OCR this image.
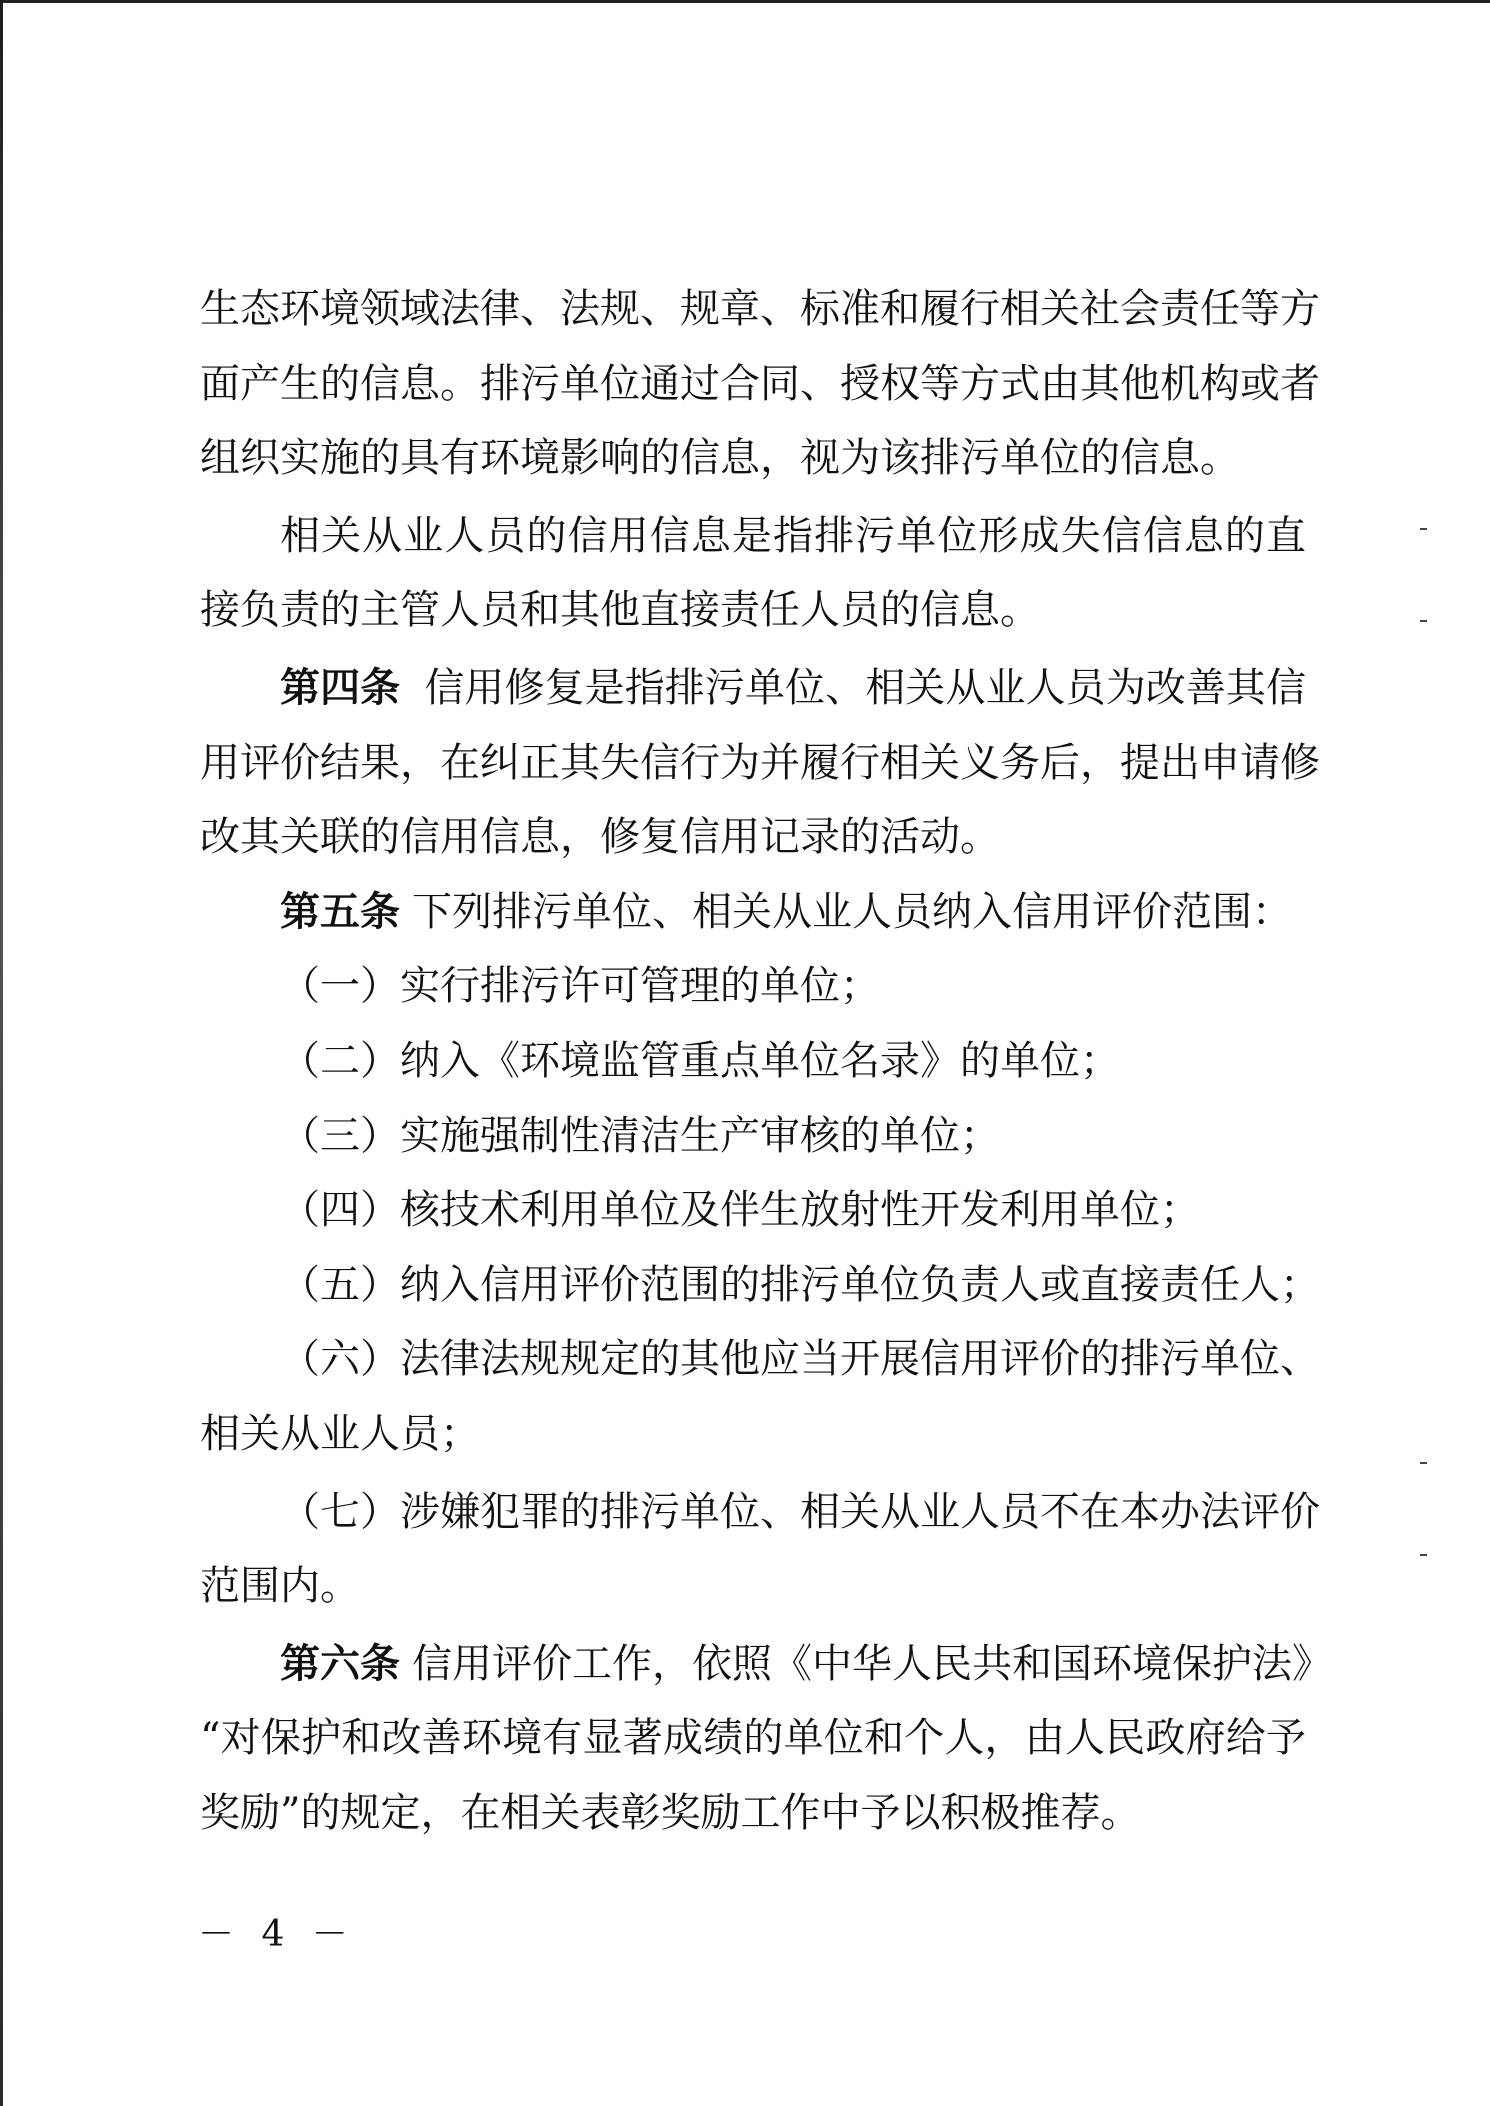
生态环境领域法律、法规、规章、标准和履行相关社会责任等方
面产生的信息。排污单位通过合同、授权等方式由其他机构或者
组织实施的具有环境影响的信息，视为该排污单位的信息。
相关从业人员的信用信息是指排污单位形成失信信息的直
接负责的主管人员和其他直接责任人员的信息。
第四条 信用修复是指排污单位、相关从业人员为改善其信
用评价结果，在纠正其失信行为并履行相关义务后，提出申请修
改其关联的信用信息，修复信用记录的活动。
第五条 下列排污单位、相关从业人员纳入信用评价范围：
（一）实行排污许可管理的单位；
（二）纳入《环境监管重点单位名录》的单位；
（三）实施强制性清洁生产审核的单位；
（四）核技术利用单位及伴生放射性开发利用单位；
（五）纳入信用评价范围的排污单位负责人或直接责任人；
（六）法律法规规定的其他应当开展信用评价的排污单位、
相关从业人员；
（七）涉嫌犯罪的排污单位、相关从业人员不在本办法评价
范围内。
第六条 信用评价工作，依照《中华人民共和国环境保护法》
“对保护和改善环境有显著成绩的单位和个人，由人民政府给予
奖励”的规定，在相关表彰奖励工作中予以积极推荐。
－ 4 －
